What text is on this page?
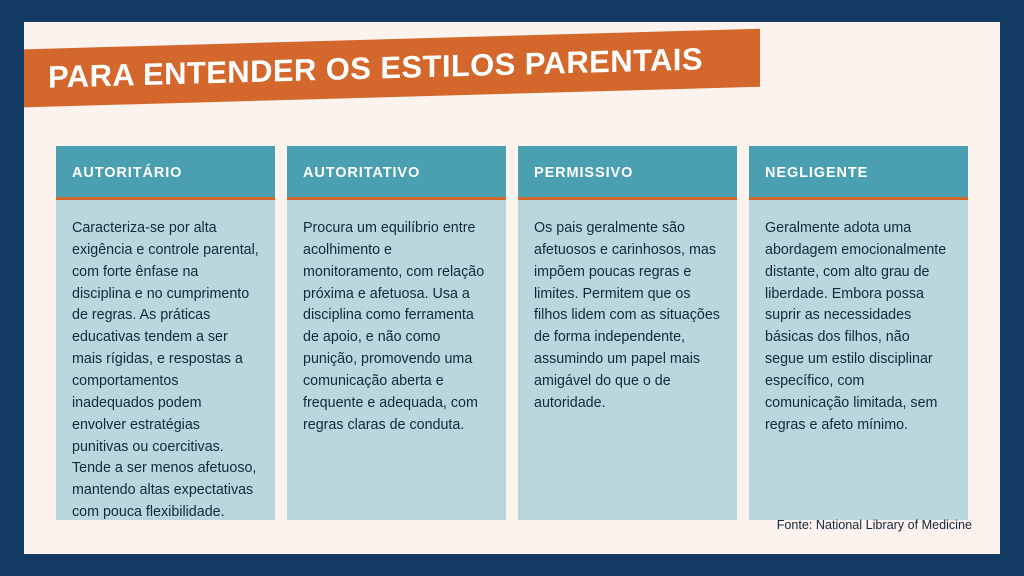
PARA ENTENDER OS ESTILOS PARENTAIS
AUTORITÁRIO
Caracteriza-se por alta exigência e controle parental, com forte ênfase na disciplina e no cumprimento de regras. As práticas educativas tendem a ser mais rígidas, e respostas a comportamentos inadequados podem envolver estratégias punitivas ou coercitivas. Tende a ser menos afetuoso, mantendo altas expectativas com pouca flexibilidade.
AUTORITATIVO
Procura um equilíbrio entre acolhimento e monitoramento, com relação próxima e afetuosa. Usa a disciplina como ferramenta de apoio, e não como punição, promovendo uma comunicação aberta e frequente e adequada, com regras claras de conduta.
PERMISSIVO
Os pais geralmente são afetuosos e carinhosos, mas impõem poucas regras e limites. Permitem que os filhos lidem com as situações de forma independente, assumindo um papel mais amigável do que o de autoridade.
NEGLIGENTE
Geralmente adota uma abordagem emocionalmente distante, com alto grau de liberdade. Embora possa suprir as necessidades básicas dos filhos, não segue um estilo disciplinar específico, com comunicação limitada, sem regras e afeto mínimo.
Fonte: National Library of Medicine
